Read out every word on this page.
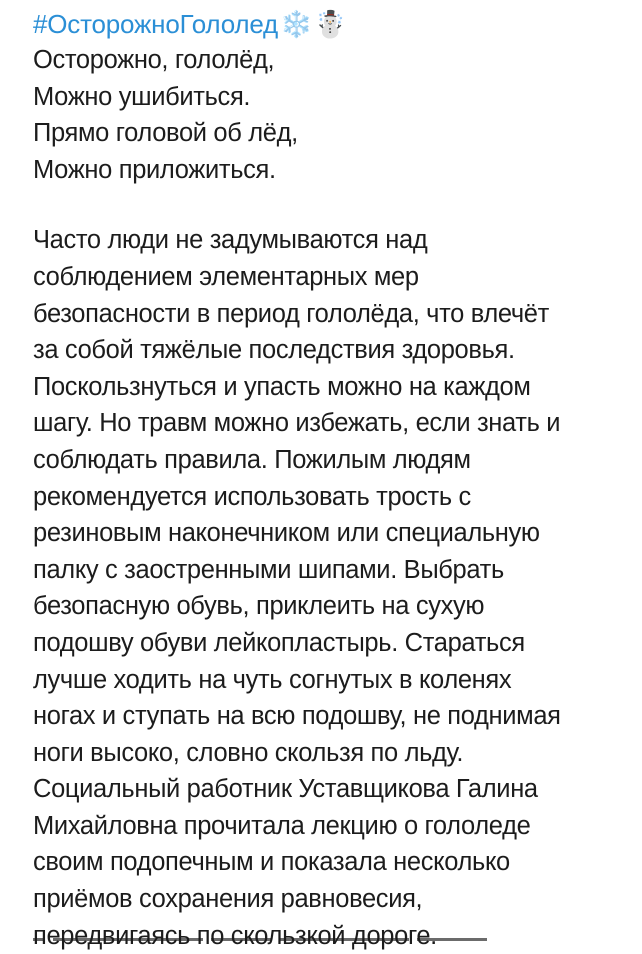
#ОсторожноГололед ❄️ ☃️
Осторожно, гололёд,
Можно ушибиться.
Прямо головой об лёд,
Можно приложиться.
Часто люди не задумываются над
соблюдением элементарных мер
безопасности в период гололёда, что влечёт
за собой тяжёлые последствия здоровья.
Поскользнуться и упасть можно на каждом
шагу. Но травм можно избежать, если знать и
соблюдать правила. Пожилым людям
рекомендуется использовать трость с
резиновым наконечником или специальную
палку с заостренными шипами. Выбрать
безопасную обувь, приклеить на сухую
подошву обуви лейкопластырь. Стараться
лучше ходить на чуть согнутых в коленях
ногах и ступать на всю подошву, не поднимая
ноги высоко, словно скользя по льду.
Социальный работник Уставщикова Галина
Михайловна прочитала лекцию о гололеде
своим подопечным и показала несколько
приёмов сохранения равновесия,
передвигаясь по скользкой дороге.
